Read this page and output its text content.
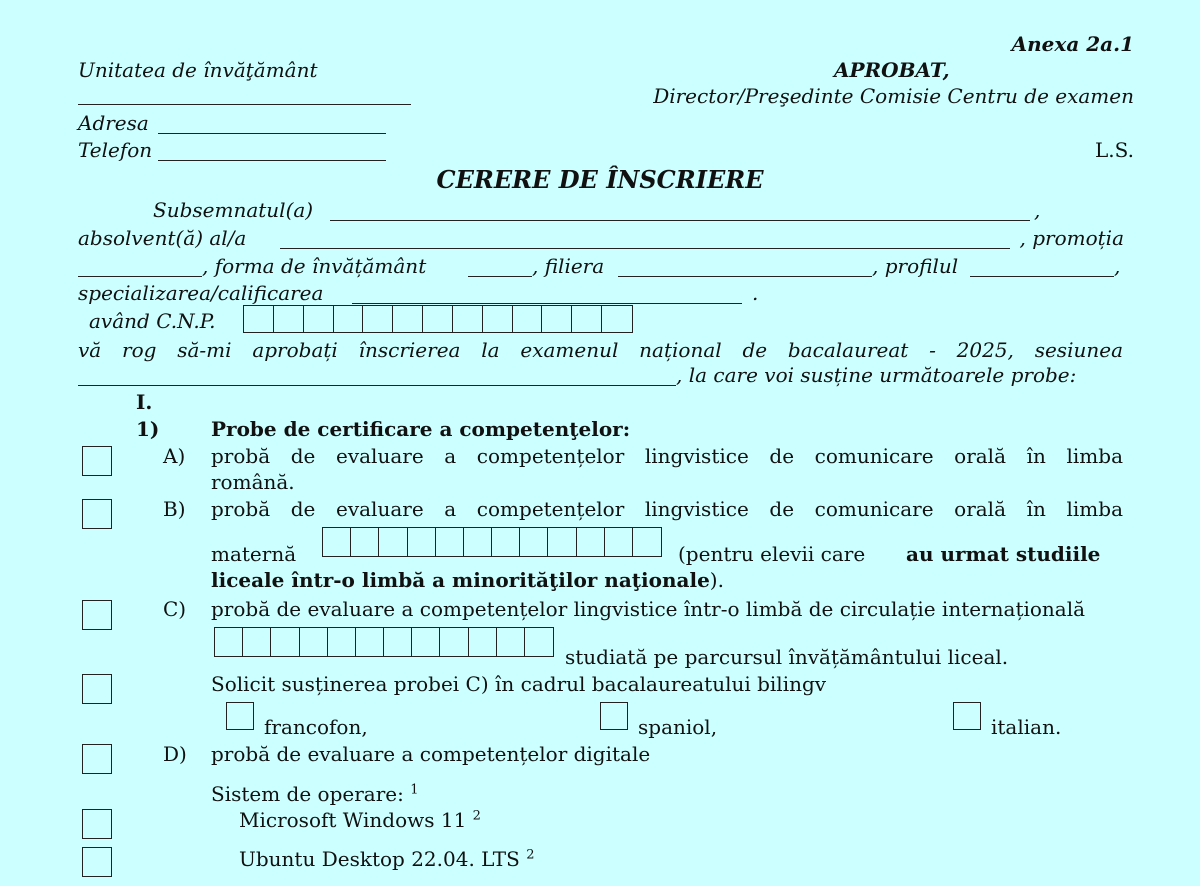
Anexa 2a.1
Unitatea de învăţământ	APROBAT,
Director/Preşedinte Comisie Centru de examen
Adresa
Telefon	L.S.
CERERE DE ÎNSCRIERE
Subsemnatul(a)	,
absolvent(ă) al/a	, promoția
, forma de învățământ	, filiera	, profilul	,
specializarea/calificarea	.
având C.N.P.
vă rog să-mi aprobați înscrierea la examenul național de bacalaureat - 2025, sesiunea
, la care voi susține următoarele probe:
I.
1)	Probe de certificare a competenţelor:
A) probă de evaluare a competențelor lingvistice de comunicare orală în limba
română.
B) probă de evaluare a competențelor lingvistice de comunicare orală în limba
maternă	(pentru elevii care au urmat studiile
liceale într-o limbă a minorităţilor naţionale).
C) probă de evaluare a competențelor lingvistice într-o limbă de circulație internațională
studiată pe parcursul învățământului liceal.
Solicit susținerea probei C) în cadrul bacalaureatului bilingv
francofon,	spaniol,	italian.
D) probă de evaluare a competențelor digitale
Sistem de operare: $^1$
Microsoft Windows 11 $^2$
Ubuntu Desktop 22.04. LTS $^2$
